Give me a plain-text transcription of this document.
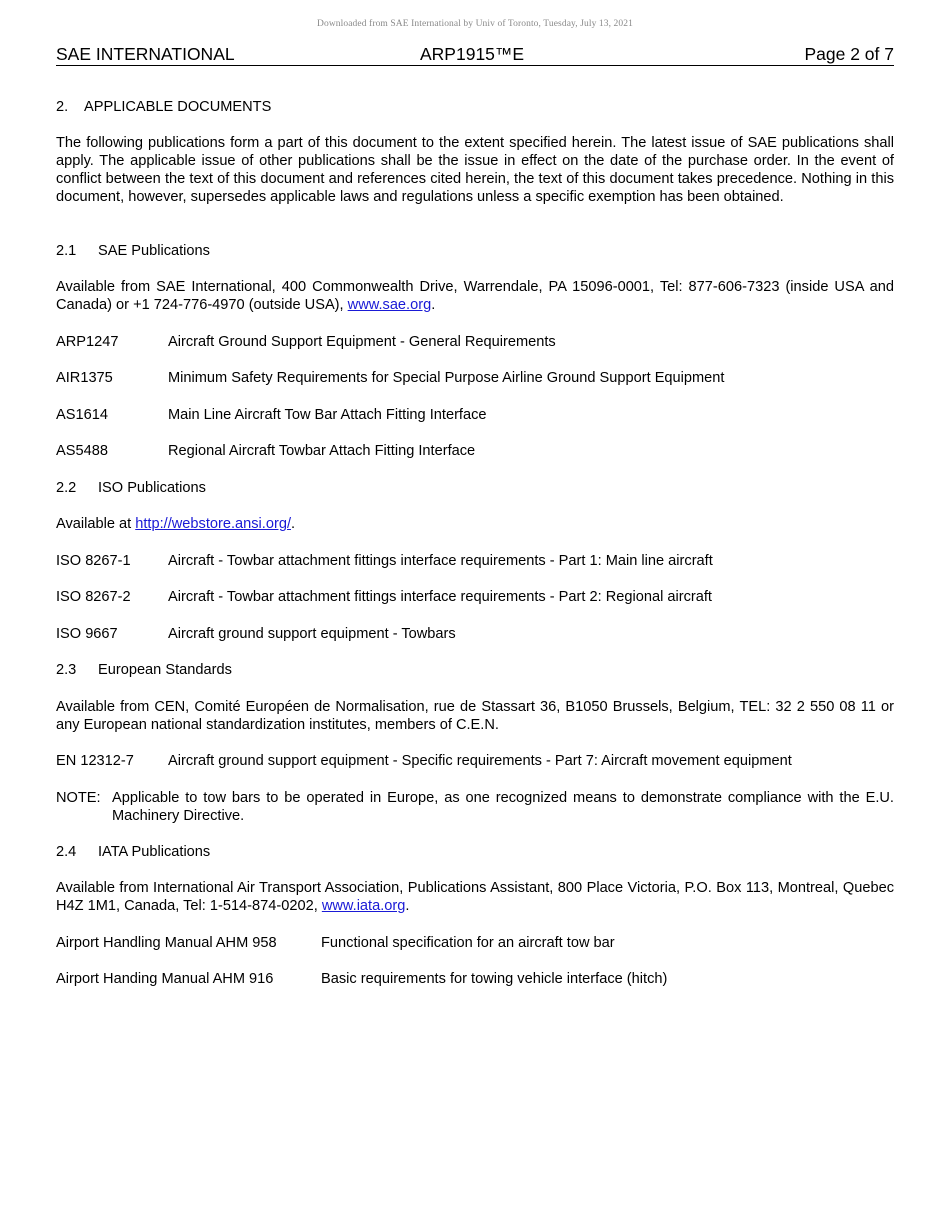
Downloaded from SAE International by Univ of Toronto, Tuesday, July 13, 2021
SAE INTERNATIONAL	ARP1915™E	Page 2 of 7
2. APPLICABLE DOCUMENTS
The following publications form a part of this document to the extent specified herein. The latest issue of SAE publications shall apply. The applicable issue of other publications shall be the issue in effect on the date of the purchase order. In the event of conflict between the text of this document and references cited herein, the text of this document takes precedence. Nothing in this document, however, supersedes applicable laws and regulations unless a specific exemption has been obtained.
2.1 SAE Publications
Available from SAE International, 400 Commonwealth Drive, Warrendale, PA 15096-0001, Tel: 877-606-7323 (inside USA and Canada) or +1 724-776-4970 (outside USA), www.sae.org.
ARP1247	Aircraft Ground Support Equipment - General Requirements
AIR1375	Minimum Safety Requirements for Special Purpose Airline Ground Support Equipment
AS1614	Main Line Aircraft Tow Bar Attach Fitting Interface
AS5488	Regional Aircraft Towbar Attach Fitting Interface
2.2 ISO Publications
Available at http://webstore.ansi.org/.
ISO 8267-1	Aircraft - Towbar attachment fittings interface requirements - Part 1: Main line aircraft
ISO 8267-2	Aircraft - Towbar attachment fittings interface requirements - Part 2: Regional aircraft
ISO 9667	Aircraft ground support equipment - Towbars
2.3 European Standards
Available from CEN, Comité Européen de Normalisation, rue de Stassart 36, B1050 Brussels, Belgium, TEL: 32 2 550 08 11 or any European national standardization institutes, members of C.E.N.
EN 12312-7 Aircraft ground support equipment - Specific requirements - Part 7: Aircraft movement equipment
NOTE: Applicable to tow bars to be operated in Europe, as one recognized means to demonstrate compliance with the E.U. Machinery Directive.
2.4 IATA Publications
Available from International Air Transport Association, Publications Assistant, 800 Place Victoria, P.O. Box 113, Montreal, Quebec H4Z 1M1, Canada, Tel: 1-514-874-0202, www.iata.org.
Airport Handling Manual AHM 958	Functional specification for an aircraft tow bar
Airport Handing Manual AHM 916	Basic requirements for towing vehicle interface (hitch)
